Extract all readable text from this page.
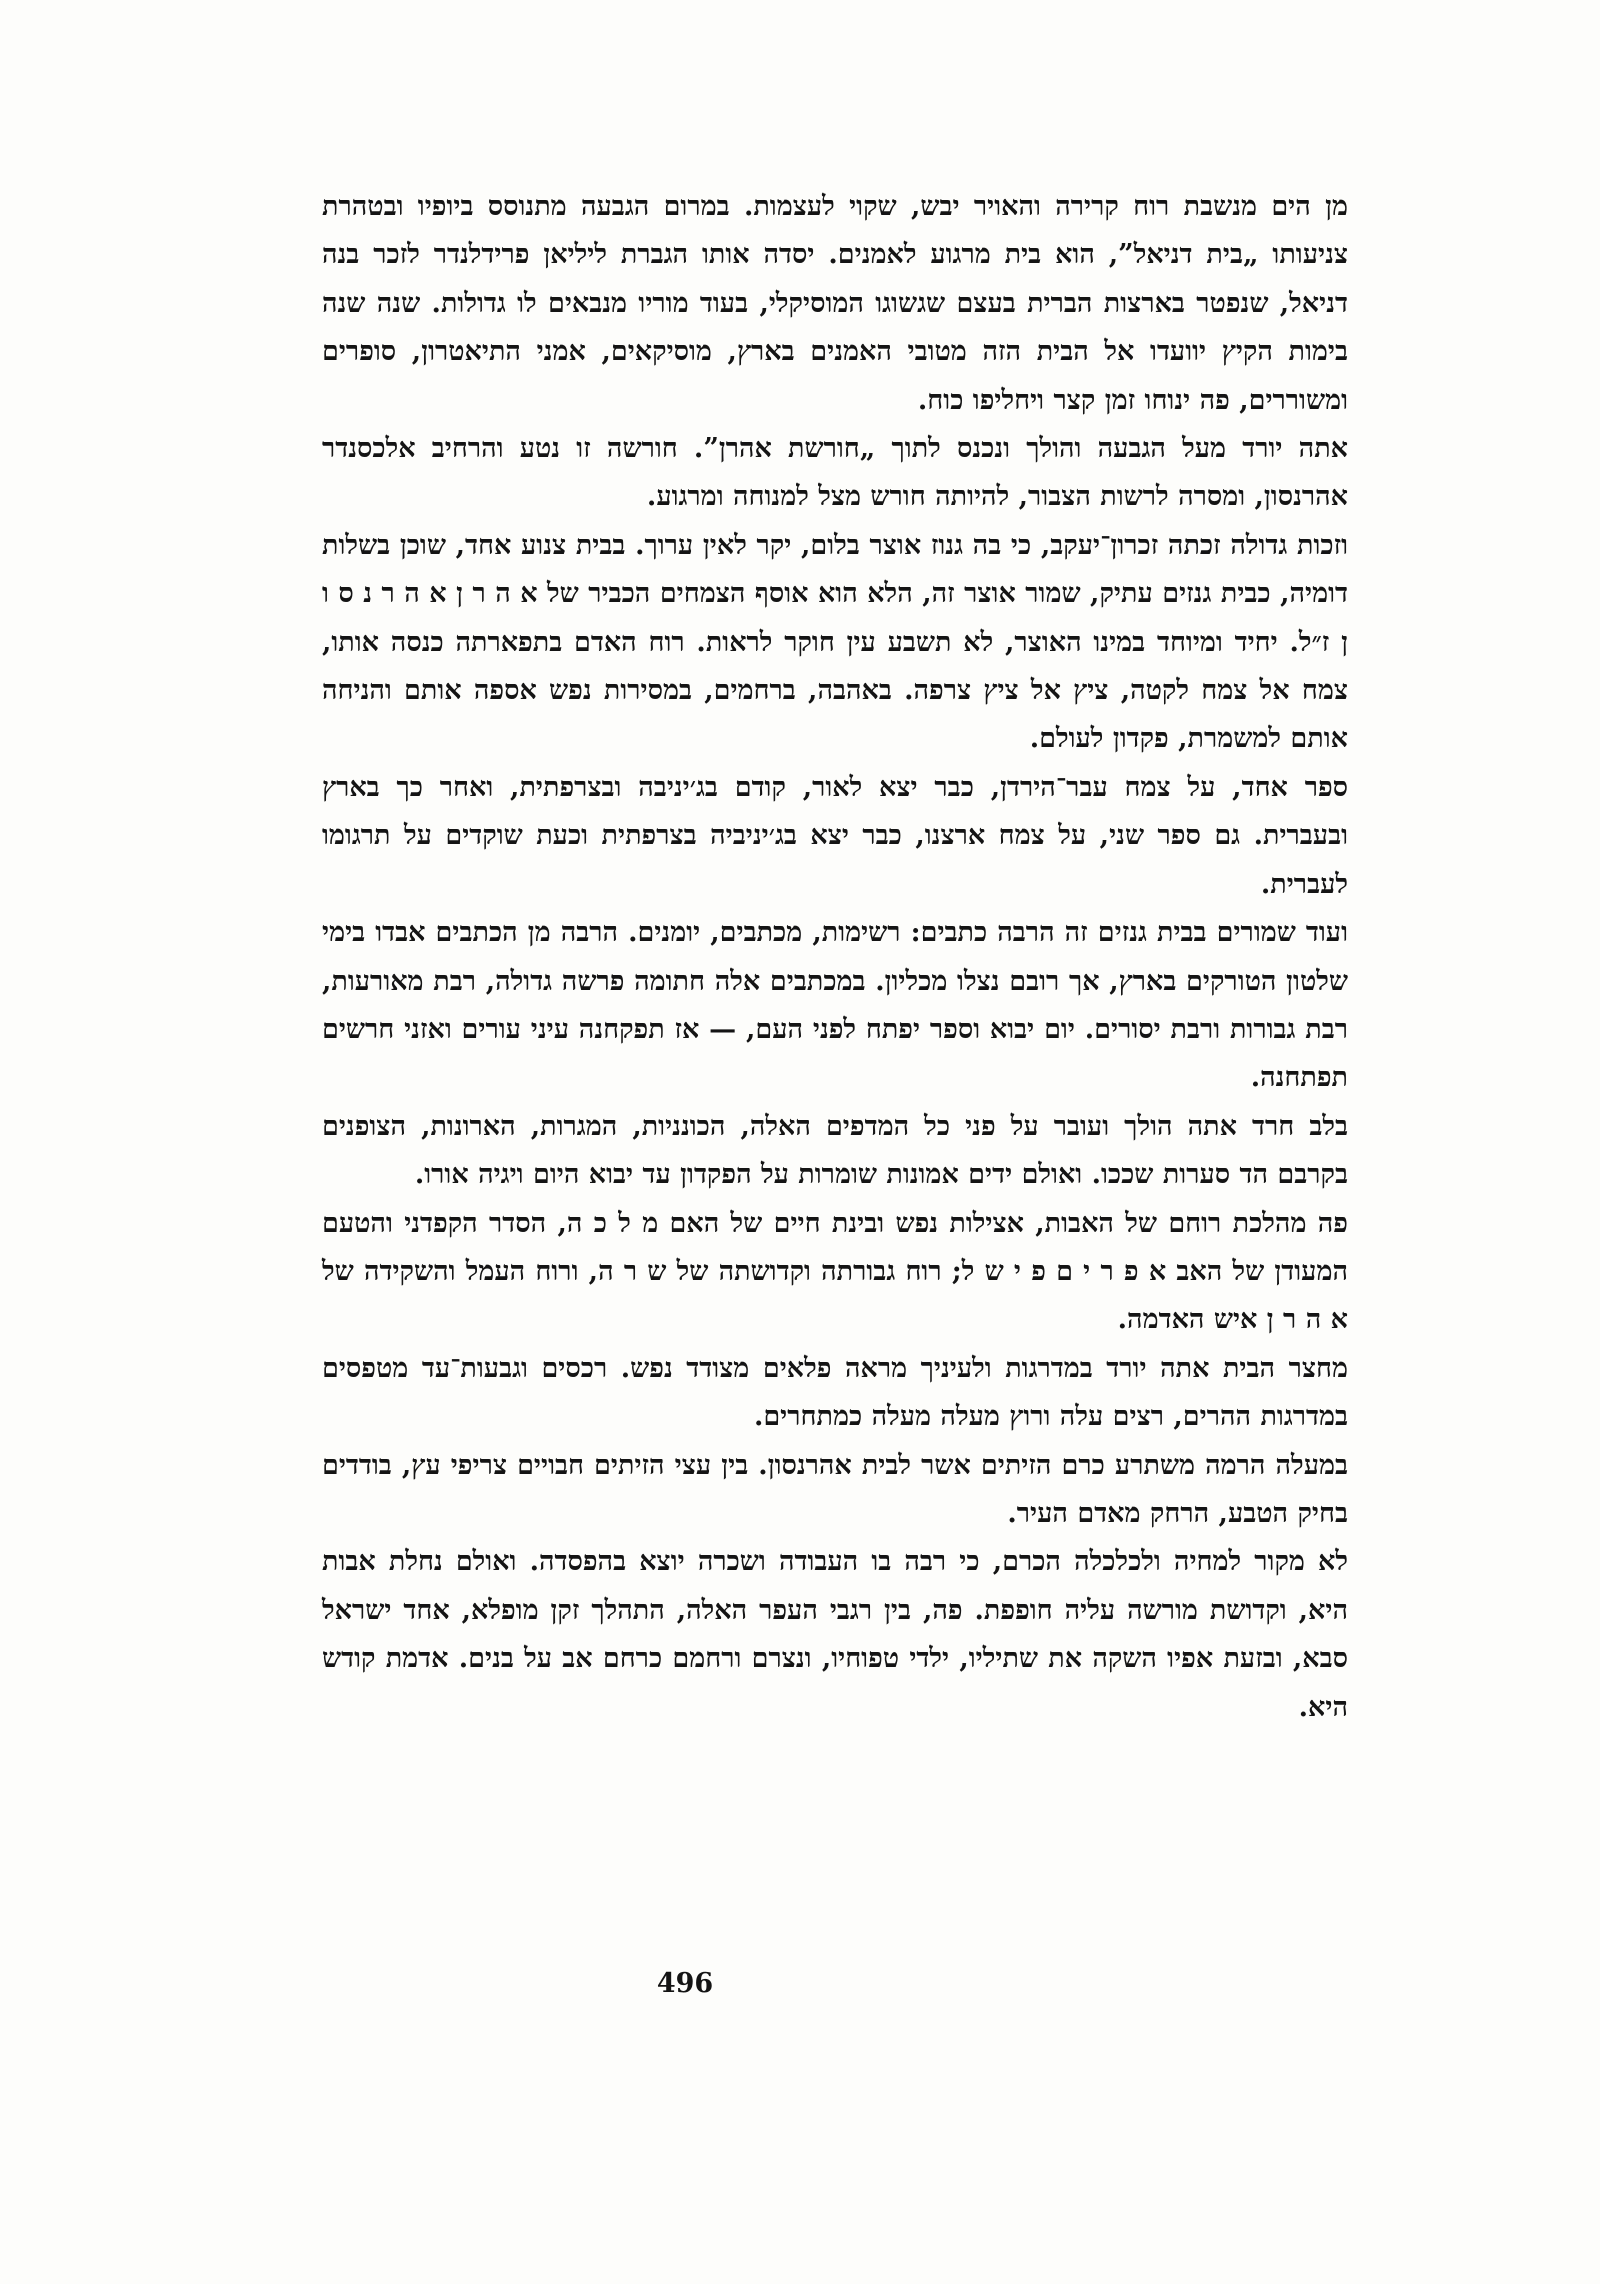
מן הים מנשבת רוח קרירה והאויר יבש, שקוי לעצמות. במרום הגבעה מתנוסס ביופיו ובטהרת צניעותו „בית דניאל”, הוא בית מרגוע לאמנים. יסדה אותו הגברת ליליאן פרידלנדר לזכר בנה דניאל, שנפטר בארצות הברית בעצם שגשוגו המוסיקלי, בעוד מוריו מנבאים לו גדולות. שנה שנה בימות הקיץ יוועדו אל הבית הזה מטובי האמנים בארץ, מוסיקאים, אמני התיאטרון, סופרים ומשוררים, פה ינוחו זמן קצר ויחליפו כוח.

אתה יורד מעל הגבעה והולך ונכנס לתוך „חורשת אהרן”. חורשה זו נטע והרחיב אלכסנדר אהרנסון, ומסרה לרשות הצבור, להיותה חורש מצל למנוחה ומרגוע.

וזכות גדולה זכתה זכרון־יעקב, כי בה גנוז אוצר בלום, יקר לאין ערוך. בבית צנוע אחד, שוכן בשלות דומיה, כבית גנזים עתיק, שמור אוצר זה, הלא הוא אוסף הצמחים הכביר של א ה ר ן א ה ר נ ס ו ן ז״ל. יחיד ומיוחד במינו האוצר, לא תשבע עין חוקר לראות. רוח האדם בתפארתה כנסה אותו, צמח אל צמח לקטה, ציץ אל ציץ צרפה. באהבה, ברחמים, במסירות נפש אספה אותם והניחה אותם למשמרת, פקדון לעולם.

ספר אחד, על צמח עבר־הירדן, כבר יצא לאור, קודם בג׳יניבה ובצרפתית, ואחר כך בארץ ובעברית. גם ספר שני, על צמח ארצנו, כבר יצא בג׳יניביה בצרפתית וכעת שוקדים על תרגומו לעברית.

ועוד שמורים בבית גנזים זה הרבה כתבים: רשימות, מכתבים, יומנים. הרבה מן הכתבים אבדו בימי שלטון הטורקים בארץ, אך רובם נצלו מכליון. במכתבים אלה חתומה פרשה גדולה, רבת מאורעות, רבת גבורות ורבת יסורים. יום יבוא וספר יפתח לפני העם, — אז תפקחנה עיני עורים ואזני חרשים תפתחנה.

בלב חרד אתה הולך ועובר על פני כל המדפים האלה, הכונניות, המגרות, הארונות, הצופנים בקרבם הד סערות שככו. ואולם ידים אמונות שומרות על הפקדון עד יבוא היום ויגיה אורו.

פה מהלכת רוחם של האבות, אצילות נפש ובינת חיים של האם מ ל כ ה, הסדר הקפדני והטעם המעודן של האב א פ ר י ם פ י ש ל; רוח גבורתה וקדושתה של ש ר ה, ורוח העמל והשקידה של א ה ר ן איש האדמה.

מחצר הבית אתה יורד במדרגות ולעיניך מראה פלאים מצודד נפש. רכסים וגבעות־עד מטפסים במדרגות ההרים, רצים עלה ורוץ מעלה מעלה כמתחרים.

במעלה הרמה משתרע כרם הזיתים אשר לבית אהרנסון. בין עצי הזיתים חבויים צריפי עץ, בודדים בחיק הטבע, הרחק מאדם העיר.

לא מקור למחיה ולכלכלה הכרם, כי רבה בו העבודה ושכרה יוצא בהפסדה. ואולם נחלת אבות היא, וקדושת מורשה עליה חופפת. פה, בין רגבי העפר האלה, התהלך זקן מופלא, אחד ישראל סבא, ובזעת אפיו השקה את שתיליו, ילדי טפוחיו, ונצרם ורחמם כרחם אב על בנים. אדמת קודש היא.

496
